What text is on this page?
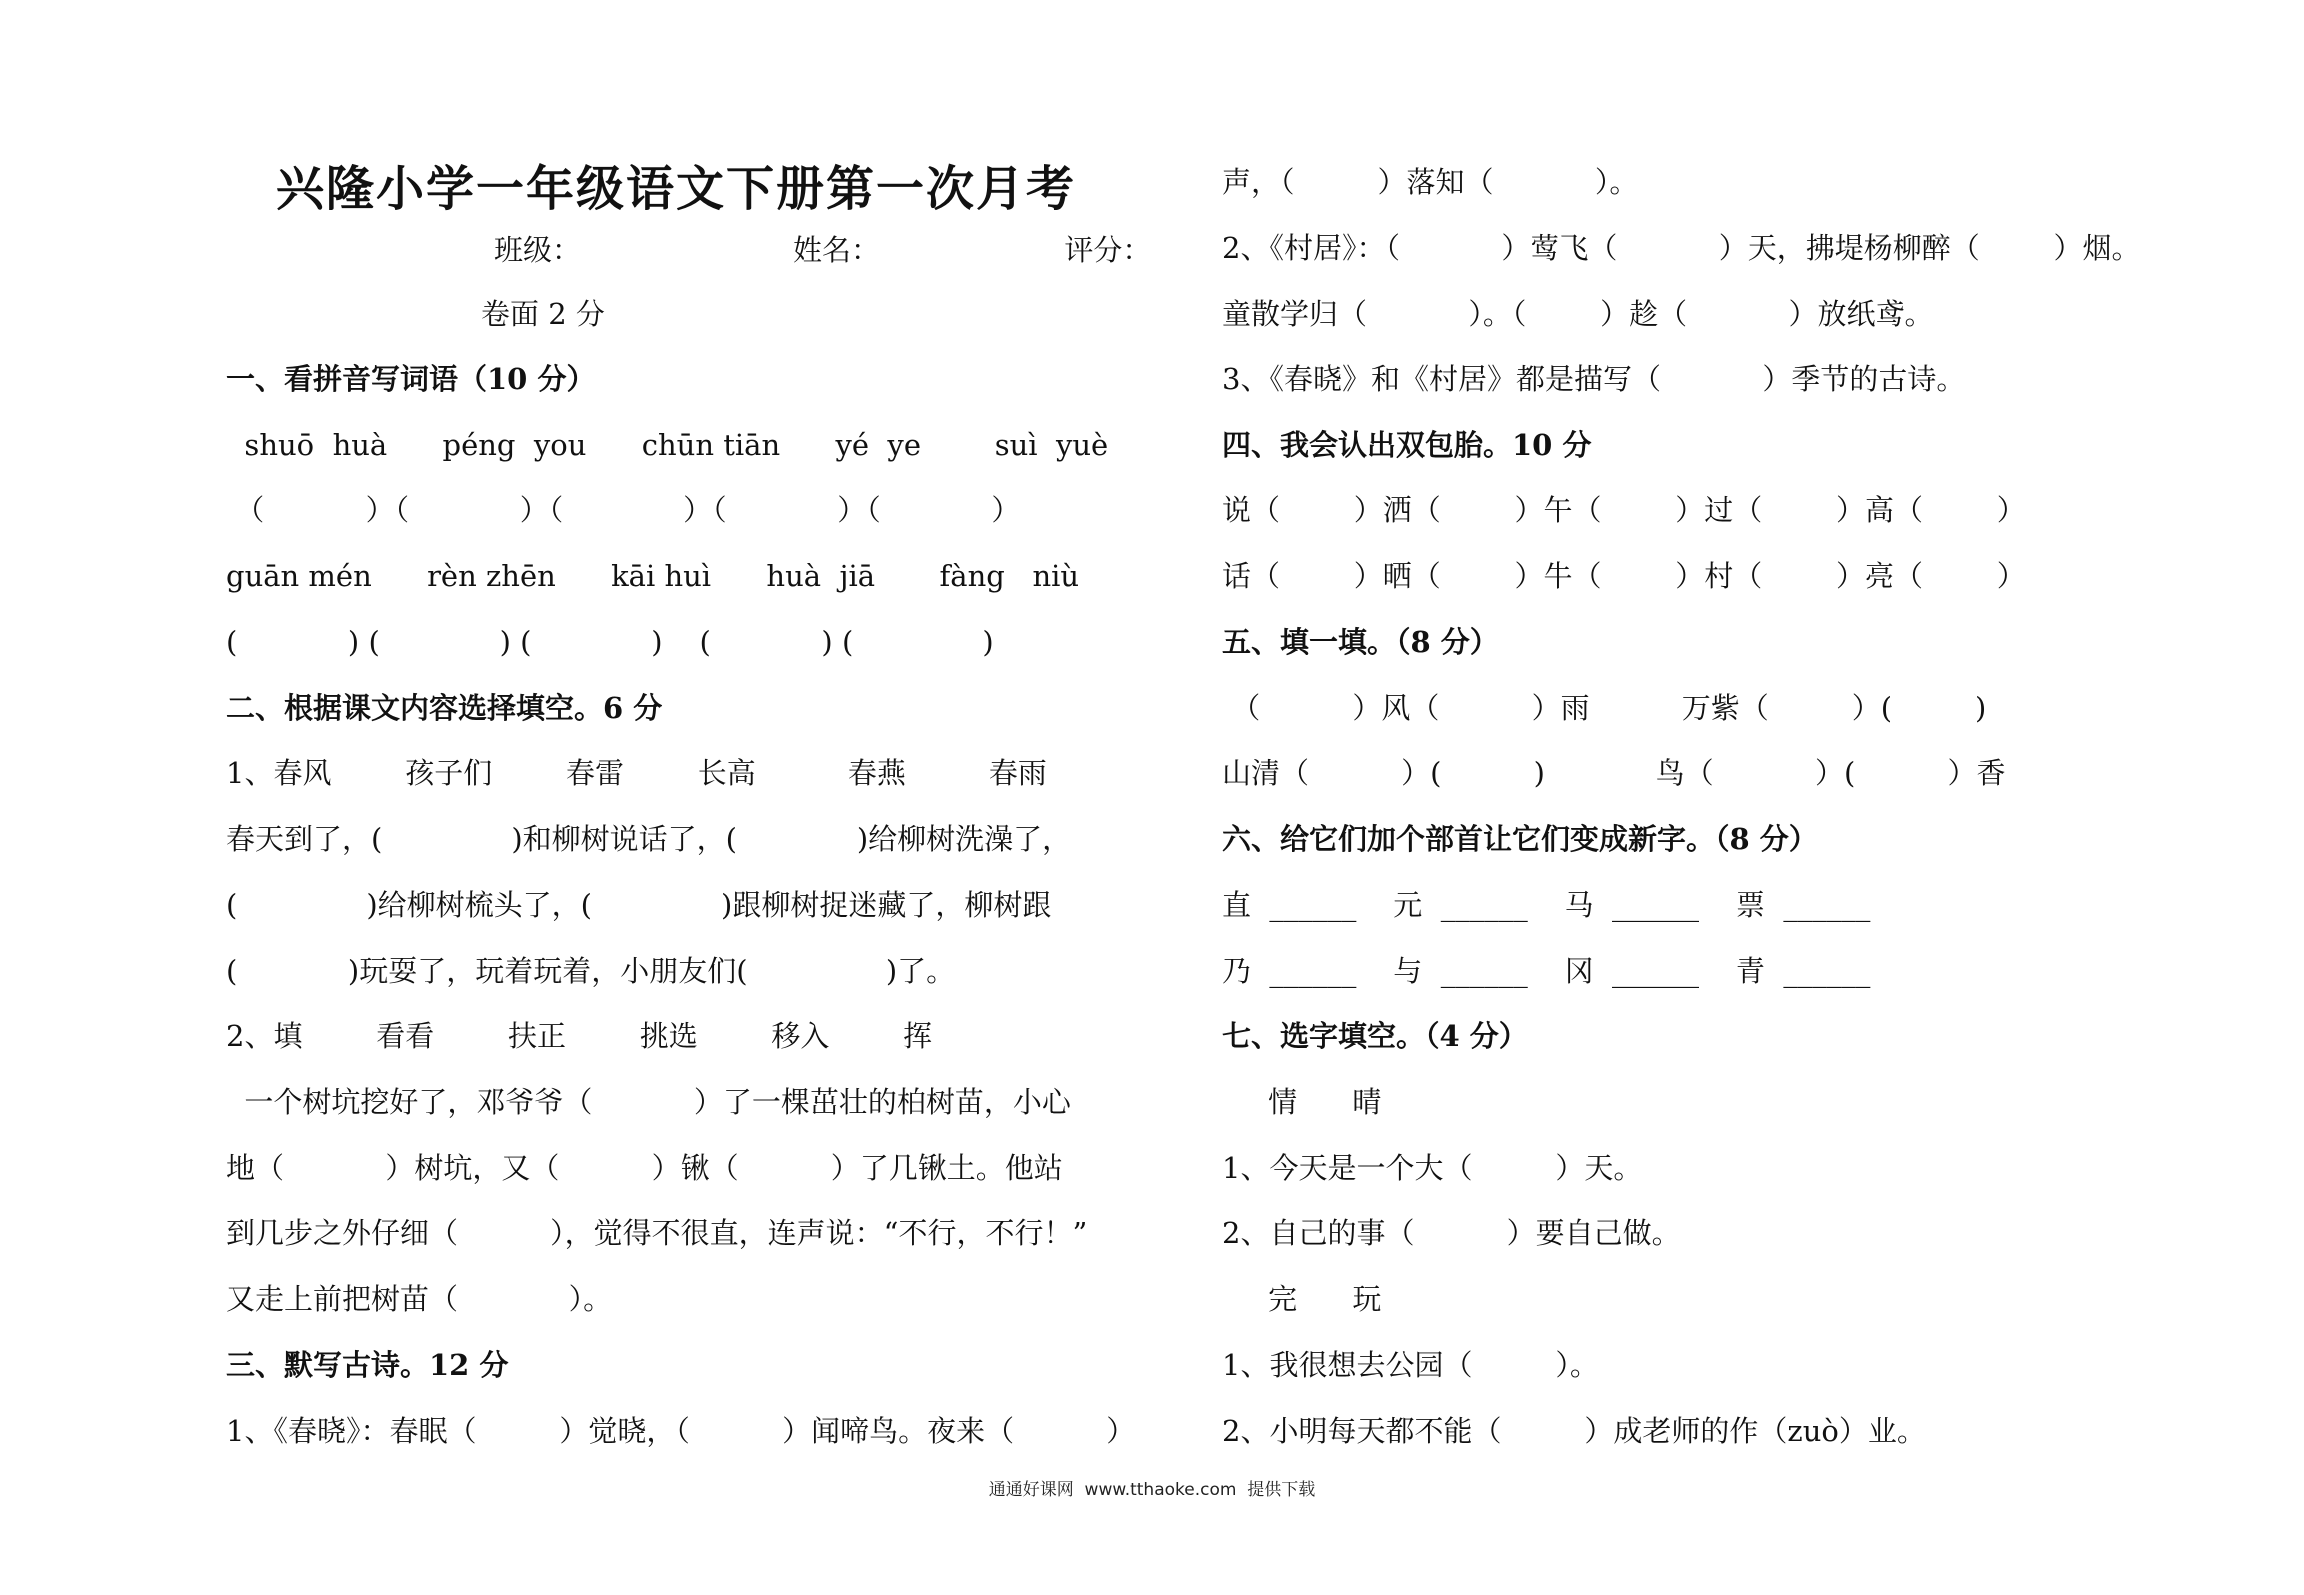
兴隆小学一年级语文下册第一次月考
班级：                       姓名：                    评分：
卷面 2 分
一、看拼音写词语（10 分）
shuō  huà      péng  you      chūn tiān      yé  ye        suì  yuè
（           ）（            ）（             ）（            ）（            ）
guān mén      rèn zhēn      kāi huì      huà  jiā       fàng   niù
(            ) (             ) (             )    (            ) (              )
二、根据课文内容选择填空。6 分
1、春风        孩子们        春雷        长高          春燕         春雨
春天到了，(              )和柳树说话了，(             )给柳树洗澡了，
(              )给柳树梳头了，(              )跟柳树捉迷藏了，柳树跟
(            )玩耍了，玩着玩着，小朋友们(               )了。
2、填        看看        扶正        挑选        移入        挥
一个树坑挖好了，邓爷爷（           ）了一棵茁壮的柏树苗，小心
地（           ）树坑，又（          ）锹（          ）了几锹土。他站
到几步之外仔细（          ），觉得不很直，连声说：“不行，不行！”
又走上前把树苗（            ）。
三、默写古诗。12 分
1、《春晓》：春眠（         ）觉晓，（          ）闻啼鸟。夜来（          ）
声，（         ）落知（           ）。
2、《村居》：（           ）莺飞（           ）天，拂堤杨柳醉（        ）烟。
童散学归（           ）。（        ）趁（           ）放纸鸢。
3、《春晓》和《村居》都是描写（           ）季节的古诗。
四、我会认出双包胎。10 分
说（        ）洒（        ）午（        ）过（        ）高（        ）
话（        ）晒（        ）牛（        ）村（        ）亮（        ）
五、填一填。（8 分）
（          ）风（          ）雨          万紫（         ）(         )
山清（          ）(          )            鸟（           ）(          ）香
六、给它们加个部首让它们变成新字。（8 分）
直  ______    元  ______    马  ______    票  ______
乃  ______    与  ______    冈  ______    青  ______
七、选字填空。（4 分）
情      晴
1、今天是一个大（         ）天。
2、自己的事（          ）要自己做。
完      玩
1、我很想去公园（         ）。
2、小明每天都不能（         ）成老师的作（zuò）业。
通通好课网  www.tthaoke.com  提供下载
